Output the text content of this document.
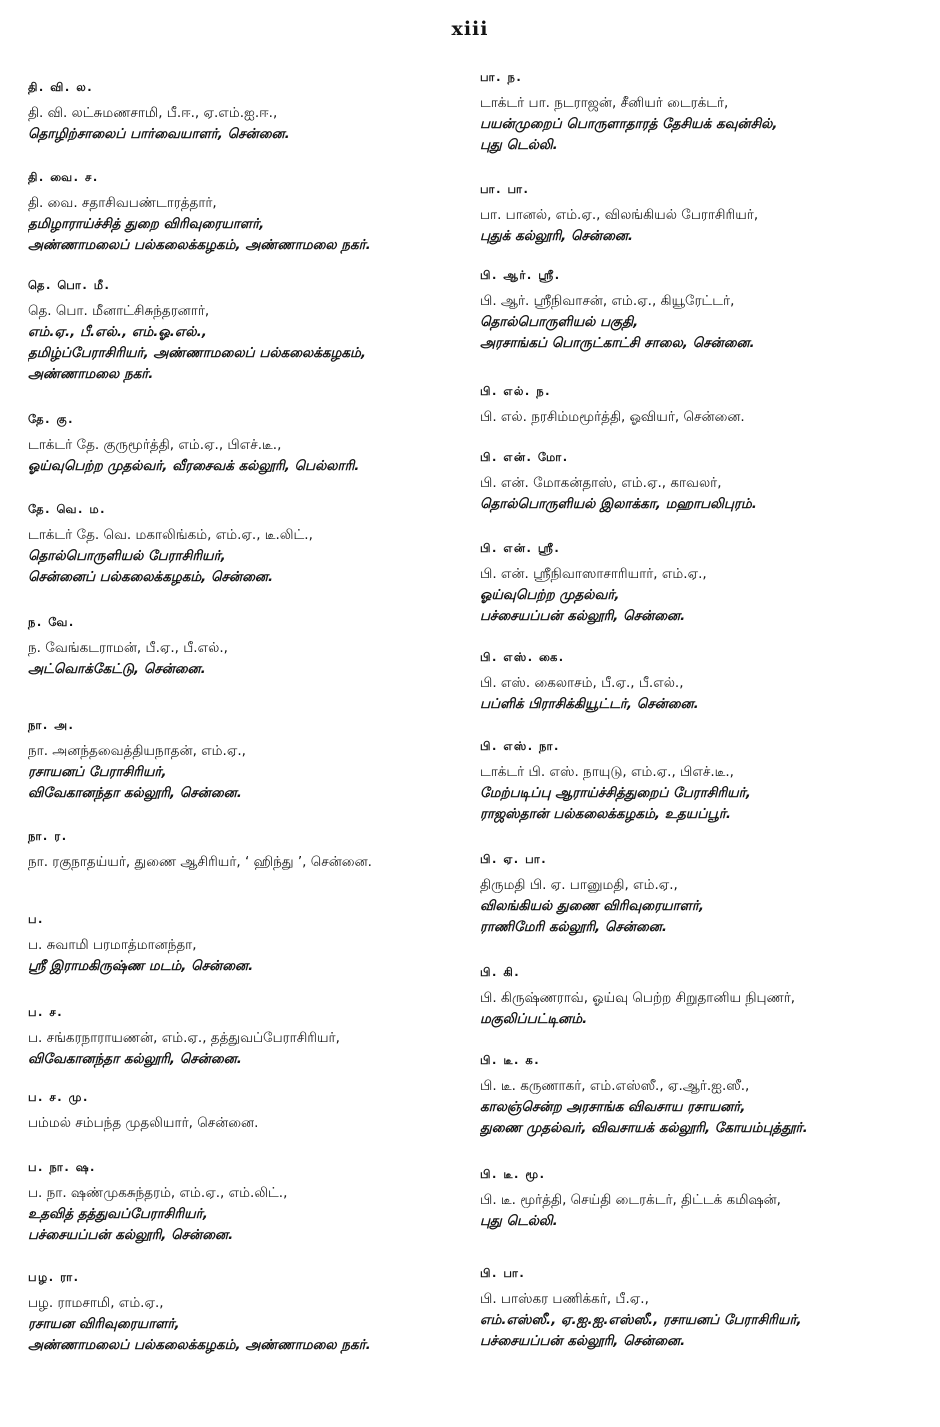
xiii
தி. வி. ல.
தி. வி. லட்சுமணசாமி, பீ.ஈ., ஏ.எம்.ஐ.ஈ.,
தொழிற்சாலைப் பார்வையாளர், சென்னை.
தி. வை. ச.
தி. வை. சதாசிவபண்டாரத்தார்,
தமிழாராய்ச்சித் துறை விரிவுரையாளர்,
அண்ணாமலைப் பல்கலைக்கழகம், அண்ணாமலை நகர்.
தெ. பொ. மீ.
தெ. பொ. மீனாட்சிசுந்தரனார்,
எம்.ஏ., பீ.எல்., எம்.ஓ.எல்.,
தமிழ்ப்பேராசிரியர், அண்ணாமலைப் பல்கலைக்கழகம்,
அண்ணாமலை நகர்.
தே. கு.
டாக்டர் தே. குருமூர்த்தி, எம்.ஏ., பிஎச்.டீ.,
ஓய்வுபெற்ற முதல்வர், வீரசைவக் கல்லூரி, பெல்லாரி.
தே. வெ. ம.
டாக்டர் தே. வெ. மகாலிங்கம், எம்.ஏ., டீ.லிட்.,
தொல்பொருளியல் பேராசிரியர்,
சென்னைப் பல்கலைக்கழகம், சென்னை.
ந. வே.
ந. வேங்கடராமன், பீ.ஏ., பீ.எல்.,
அட்வொக்கேட்டு, சென்னை.
நா. அ.
நா. அனந்தவைத்தியநாதன், எம்.ஏ.,
ரசாயனப் பேராசிரியர்,
விவேகானந்தா கல்லூரி, சென்னை.
நா. ர.
நா. ரகுநாதய்யர், துணை ஆசிரியர், ‘ ஹிந்து ’, சென்னை.
ப.
ப. சுவாமி பரமாத்மானந்தா,
ஸ்ரீ இராமகிருஷ்ண மடம், சென்னை.
ப. ச.
ப. சங்கரநாராயணன், எம்.ஏ., தத்துவப்பேராசிரியர்,
விவேகானந்தா கல்லூரி, சென்னை.
ப. ச. மு.
பம்மல் சம்பந்த முதலியார், சென்னை.
ப. நா. ஷ.
ப. நா. ஷண்முகசுந்தரம், எம்.ஏ., எம்.லிட்.,
உதவித் தத்துவப்பேராசிரியர்,
பச்சையப்பன் கல்லூரி, சென்னை.
பழ. ரா.
பழ. ராமசாமி, எம்.ஏ.,
ரசாயன விரிவுரையாளர்,
அண்ணாமலைப் பல்கலைக்கழகம், அண்ணாமலை நகர்.
பா. ந.
டாக்டர் பா. நடராஜன், சீனியர் டைரக்டர்,
பயன்முறைப் பொருளாதாரத் தேசியக் கவுன்சில்,
புது டெல்லி.
பா. பா.
பா. பானல், எம்.ஏ., விலங்கியல் பேராசிரியர்,
புதுக் கல்லூரி, சென்னை.
பி. ஆர். ஸ்ரீ.
பி. ஆர். ஸ்ரீநிவாசன், எம்.ஏ., கியூரேட்டர்,
தொல்பொருளியல் பகுதி,
அரசாங்கப் பொருட்காட்சி சாலை, சென்னை.
பி. எல். ந.
பி. எல். நரசிம்மமூர்த்தி, ஓவியர், சென்னை.
பி. என். மோ.
பி. என். மோகன்தாஸ், எம்.ஏ., காவலர்,
தொல்பொருளியல் இலாக்கா, மஹாபலிபுரம்.
பி. என். ஸ்ரீ.
பி. என். ஸ்ரீநிவாஸாசாரியார், எம்.ஏ.,
ஓய்வுபெற்ற முதல்வர்,
பச்சையப்பன் கல்லூரி, சென்னை.
பி. எஸ். கை.
பி. எஸ். கைலாசம், பீ.ஏ., பீ.எல்.,
பப்ளிக் பிராசிக்கியூட்டர், சென்னை.
பி. எஸ். நா.
டாக்டர் பி. எஸ். நாயுடு, எம்.ஏ., பிஎச்.டீ.,
மேற்படிப்பு ஆராய்ச்சித்துறைப் பேராசிரியர்,
ராஜஸ்தான் பல்கலைக்கழகம், உதயப்பூர்.
பி. ஏ. பா.
திருமதி பி. ஏ. பானுமதி, எம்.ஏ.,
விலங்கியல் துணை விரிவுரையாளர்,
ராணிமேரி கல்லூரி, சென்னை.
பி. கி.
பி. கிருஷ்ணராவ், ஓய்வு பெற்ற சிறுதானிய நிபுணர்,
மகுலிப்பட்டினம்.
பி. டீ. க.
பி. டீ. கருணாகர், எம்.எஸ்ஸீ., ஏ.ஆர்.ஐ.ஸீ.,
காலஞ்சென்ற அரசாங்க விவசாய ரசாயனர்,
துணை முதல்வர், விவசாயக் கல்லூரி, கோயம்புத்தூர்.
பி. டீ. மூ.
பி. டீ. மூர்த்தி, செய்தி டைரக்டர், திட்டக் கமிஷன்,
புது டெல்லி.
பி. பா.
பி. பாஸ்கர பணிக்கர், பீ.ஏ.,
எம்.எஸ்ஸீ., ஏ.ஐ.ஐ.எஸ்ஸீ., ரசாயனப் பேராசிரியர்,
பச்சையப்பன் கல்லூரி, சென்னை.
